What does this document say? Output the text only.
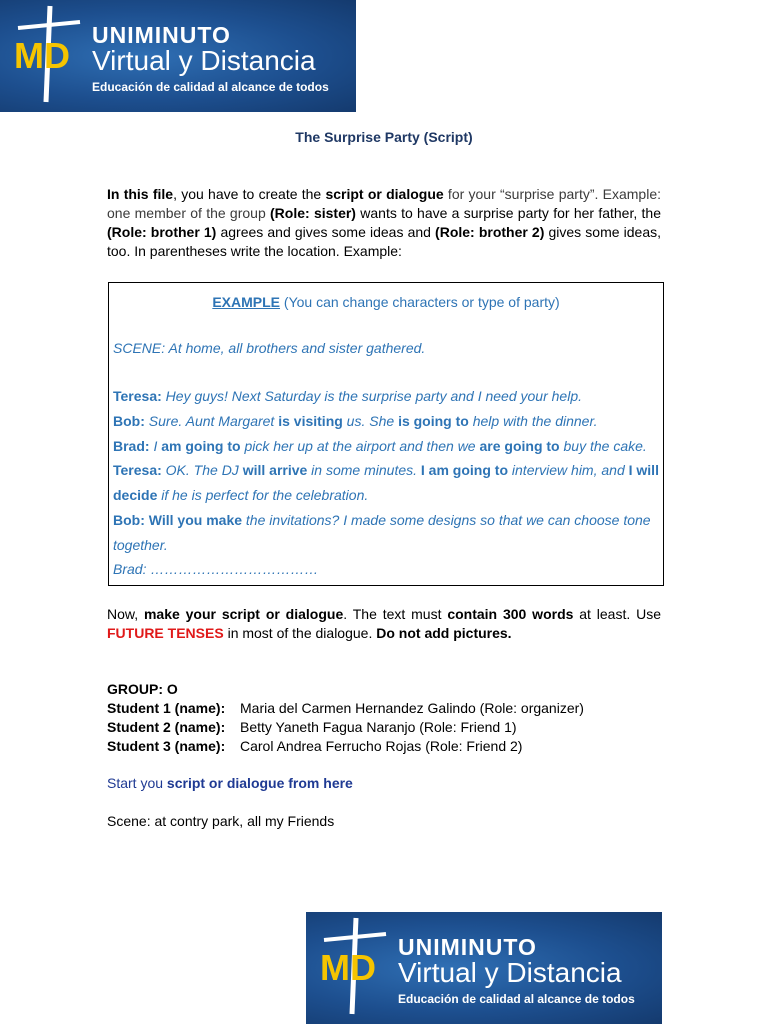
MD UNIMINUTO
Virtual y Distancia
Educación de calidad al alcance de todos
The Surprise Party (Script)
In this file, you have to create the script or dialogue for your “surprise party”. Example: one member of the group (Role: sister) wants to have a surprise party for her father, the (Role: brother 1) agrees and gives some ideas and (Role: brother 2) gives some ideas, too. In parentheses write the location. Example:
EXAMPLE (You can change characters or type of party)
SCENE: At home, all brothers and sister gathered.
Teresa: Hey guys! Next Saturday is the surprise party and I need your help.
Bob: Sure. Aunt Margaret is visiting us. She is going to help with the dinner.
Brad: I am going to pick her up at the airport and then we are going to buy the cake.
Teresa: OK. The DJ will arrive in some minutes. I am going to interview him, and I will
decide if he is perfect for the celebration.
Bob: Will you make the invitations? I made some designs so that we can choose tone
together.
Brad: ………………………………
Now, make your script or dialogue. The text must contain 300 words at least. Use FUTURE TENSES in most of the dialogue. Do not add pictures.
GROUP: O
Student 1 (name): Maria del Carmen Hernandez Galindo (Role: organizer)
Student 2 (name): Betty Yaneth Fagua Naranjo (Role: Friend 1)
Student 3 (name): Carol Andrea Ferrucho Rojas (Role: Friend 2)
Start you script or dialogue from here
Scene: at contry park, all my Friends
MD UNIMINUTO
Virtual y Distancia
Educación de calidad al alcance de todos
